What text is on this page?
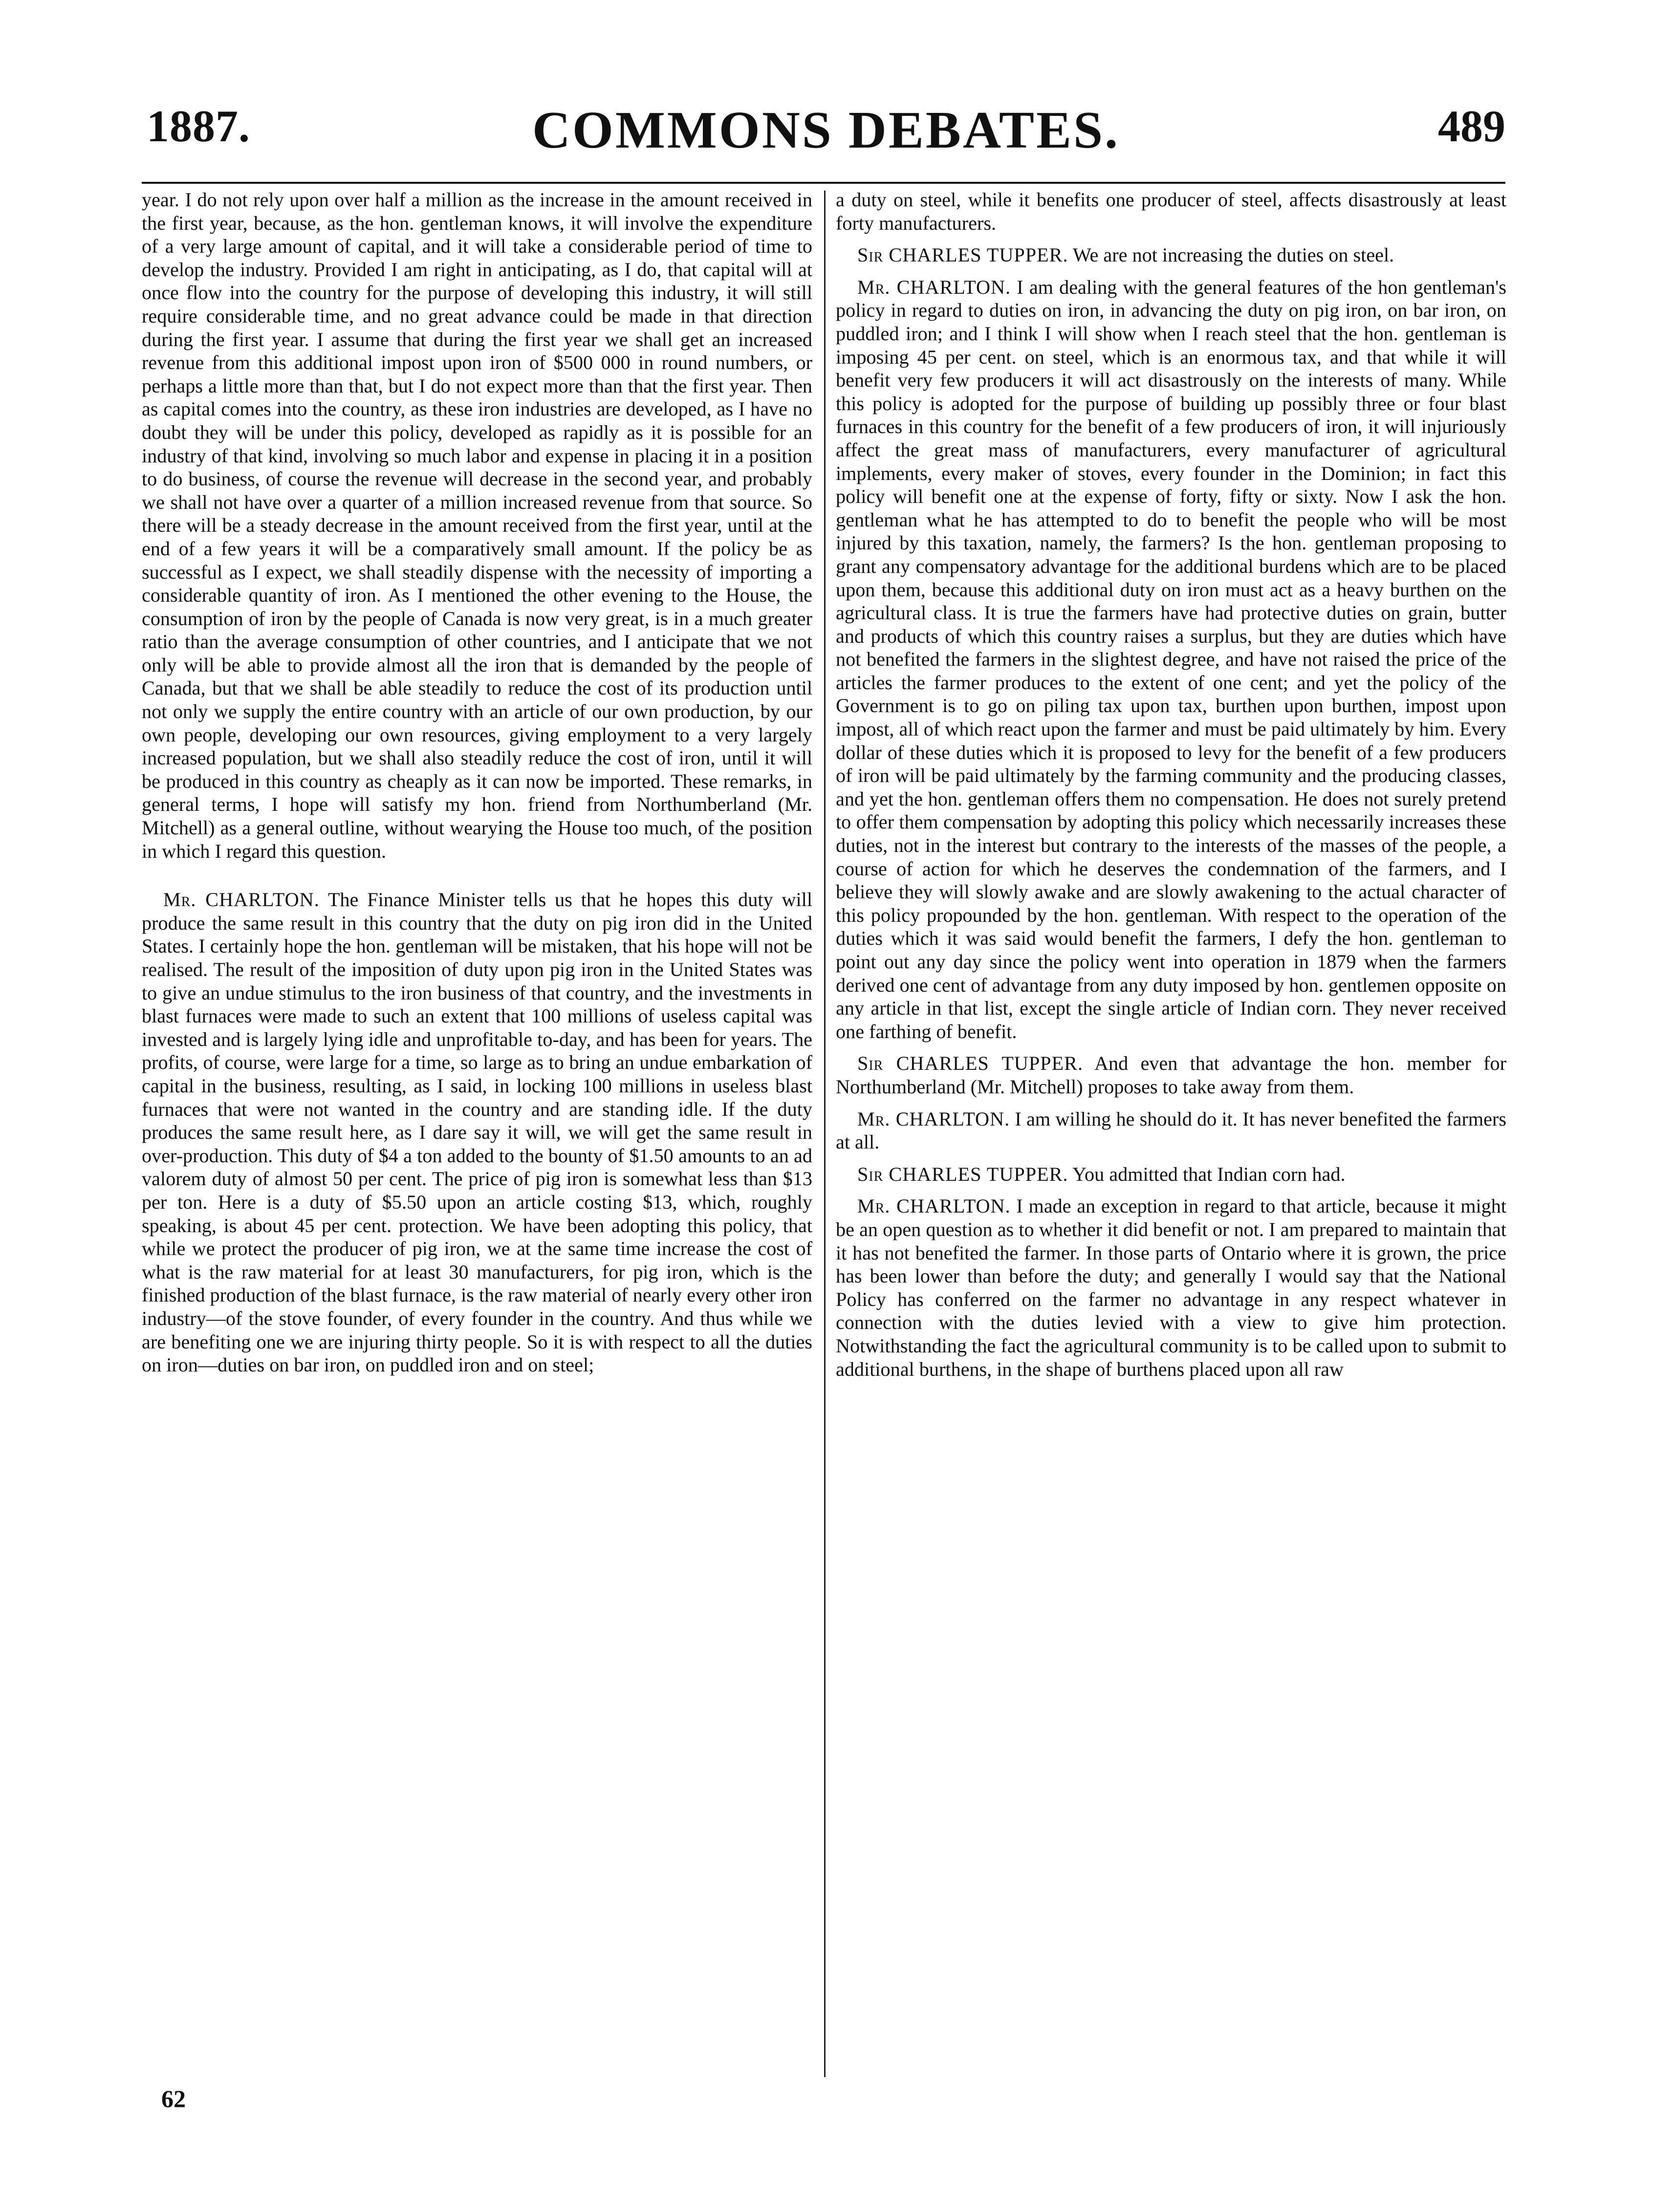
1887.	COMMONS DEBATES.	489

year. I do not rely upon over half a million as the increase in the amount received in the first year, because, as the hon. gentleman knows, it will involve the expenditure of a very large amount of capital, and it will take a considerable period of time to develop the industry. Provided I am right in anticipating, as I do, that capital will at once flow into the country for the purpose of developing this industry, it will still require considerable time, and no great advance could be made in that direction during the first year. I assume that during the first year we shall get an increased revenue from this additional impost upon iron of $500 000 in round numbers, or perhaps a little more than that, but I do not expect more than that the first year. Then as capital comes into the country, as these iron industries are developed, as I have no doubt they will be under this policy, developed as rapidly as it is possible for an industry of that kind, involving so much labor and expense in placing it in a position to do business, of course the revenue will decrease in the second year, and probably we shall not have over a quarter of a million increased revenue from that source. So there will be a steady decrease in the amount received from the first year, until at the end of a few years it will be a comparatively small amount. If the policy be as successful as I expect, we shall steadily dispense with the necessity of importing a considerable quantity of iron. As I mentioned the other evening to the House, the consumption of iron by the people of Canada is now very great, is in a much greater ratio than the average consumption of other countries, and I anticipate that we not only will be able to provide almost all the iron that is demanded by the people of Canada, but that we shall be able steadily to reduce the cost of its production until not only we supply the entire country with an article of our own production, by our own people, developing our own resources, giving employment to a very largely increased population, but we shall also steadily reduce the cost of iron, until it will be produced in this country as cheaply as it can now be imported. These remarks, in general terms, I hope will satisfy my hon. friend from Northumberland (Mr. Mitchell) as a general outline, without wearying the House too much, of the position in which I regard this question.

Mr. CHARLTON. The Finance Minister tells us that he hopes this duty will produce the same result in this country that the duty on pig iron did in the United States. I certainly hope the hon. gentleman will be mistaken, that his hope will not be realised. The result of the imposition of duty upon pig iron in the United States was to give an undue stimulus to the iron business of that country, and the investments in blast furnaces were made to such an extent that 100 millions of useless capital was invested and is largely lying idle and unprofitable to-day, and has been for years. The profits, of course, were large for a time, so large as to bring an undue embarkation of capital in the business, resulting, as I said, in locking 100 millions in useless blast furnaces that were not wanted in the country and are standing idle. If the duty produces the same result here, as I dare say it will, we will get the same result in over-production. This duty of $4 a ton added to the bounty of $1.50 amounts to an ad valorem duty of almost 50 per cent. The price of pig iron is somewhat less than $13 per ton. Here is a duty of $5.50 upon an article costing $13, which, roughly speaking, is about 45 per cent. protection. We have been adopting this policy, that while we protect the producer of pig iron, we at the same time increase the cost of what is the raw material for at least 30 manufacturers, for pig iron, which is the finished production of the blast furnace, is the raw material of nearly every other iron industry—of the stove founder, of every founder in the country. And thus while we are benefiting one we are injuring thirty people. So it is with respect to all the duties on iron—duties on bar iron, on puddled iron and on steel;

a duty on steel, while it benefits one producer of steel, affects disastrously at least forty manufacturers.

Sir CHARLES TUPPER. We are not increasing the duties on steel.

Mr. CHARLTON. I am dealing with the general features of the hon gentleman's policy in regard to duties on iron, in advancing the duty on pig iron, on bar iron, on puddled iron; and I think I will show when I reach steel that the hon. gentleman is imposing 45 per cent. on steel, which is an enormous tax, and that while it will benefit very few producers it will act disastrously on the interests of many. While this policy is adopted for the purpose of building up possibly three or four blast furnaces in this country for the benefit of a few producers of iron, it will injuriously affect the great mass of manufacturers, every manufacturer of agricultural implements, every maker of stoves, every founder in the Dominion; in fact this policy will benefit one at the expense of forty, fifty or sixty. Now I ask the hon. gentleman what he has attempted to do to benefit the people who will be most injured by this taxation, namely, the farmers? Is the hon. gentleman proposing to grant any compensatory advantage for the additional burdens which are to be placed upon them, because this additional duty on iron must act as a heavy burthen on the agricultural class. It is true the farmers have had protective duties on grain, butter and products of which this country raises a surplus, but they are duties which have not benefited the farmers in the slightest degree, and have not raised the price of the articles the farmer produces to the extent of one cent; and yet the policy of the Government is to go on piling tax upon tax, burthen upon burthen, impost upon impost, all of which react upon the farmer and must be paid ultimately by him. Every dollar of these duties which it is proposed to levy for the benefit of a few producers of iron will be paid ultimately by the farming community and the producing classes, and yet the hon. gentleman offers them no compensation. He does not surely pretend to offer them compensation by adopting this policy which necessarily increases these duties, not in the interest but contrary to the interests of the masses of the people, a course of action for which he deserves the condemnation of the farmers, and I believe they will slowly awake and are slowly awakening to the actual character of this policy propounded by the hon. gentleman. With respect to the operation of the duties which it was said would benefit the farmers, I defy the hon. gentleman to point out any day since the policy went into operation in 1879 when the farmers derived one cent of advantage from any duty imposed by hon. gentlemen opposite on any article in that list, except the single article of Indian corn. They never received one farthing of benefit.

Sir CHARLES TUPPER. And even that advantage the hon. member for Northumberland (Mr. Mitchell) proposes to take away from them.

Mr. CHARLTON. I am willing he should do it. It has never benefited the farmers at all.

Sir CHARLES TUPPER. You admitted that Indian corn had.

Mr. CHARLTON. I made an exception in regard to that article, because it might be an open question as to whether it did benefit or not. I am prepared to maintain that it has not benefited the farmer. In those parts of Ontario where it is grown, the price has been lower than before the duty; and generally I would say that the National Policy has conferred on the farmer no advantage in any respect whatever in connection with the duties levied with a view to give him protection. Notwithstanding the fact the agricultural community is to be called upon to submit to additional burthens, in the shape of burthens placed upon all raw

62
